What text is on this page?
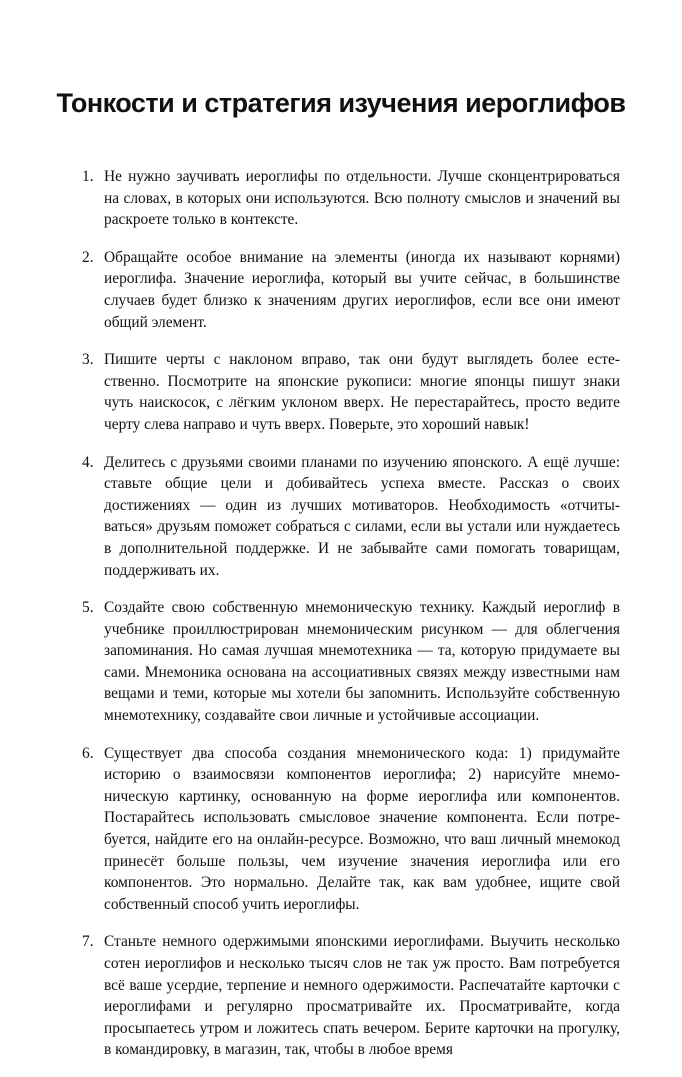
Тонкости и стратегия изучения иероглифов
1. Не нужно заучивать иероглифы по отдельности. Лучше сконцентрироваться на словах, в которых они используются. Всю полноту смыслов и значений вы раскроете только в контексте.
2. Обращайте особое внимание на элементы (иногда их называют корнями) иероглифа. Значение иероглифа, который вы учите сейчас, в большинстве случаев будет близко к значениям других иероглифов, если все они имеют общий элемент.
3. Пишите черты с наклоном вправо, так они будут выглядеть более естественно. Посмотрите на японские рукописи: многие японцы пишут знаки чуть наискосок, с лёгким уклоном вверх. Не перестарайтесь, просто ведите черту слева направо и чуть вверх. Поверьте, это хороший навык!
4. Делитесь с друзьями своими планами по изучению японского. А ещё лучше: ставьте общие цели и добивайтесь успеха вместе. Рассказ о своих достижениях — один из лучших мотиваторов. Необходимость «отчитываться» друзьям поможет собраться с силами, если вы устали или нуждаетесь в дополнительной поддержке. И не забывайте сами помогать товарищам, поддерживать их.
5. Создайте свою собственную мнемоническую технику. Каждый иероглиф в учебнике проиллюстрирован мнемоническим рисунком — для облегчения запоминания. Но самая лучшая мнемотехника — та, которую придумаете вы сами. Мнемоника основана на ассоциативных связях между известными нам вещами и теми, которые мы хотели бы запомнить. Используйте собственную мнемотехнику, создавайте свои личные и устойчивые ассоциации.
6. Существует два способа создания мнемонического кода: 1) придумайте историю о взаимосвязи компонентов иероглифа; 2) нарисуйте мнемоническую картинку, основанную на форме иероглифа или компонентов. Постарайтесь использовать смысловое значение компонента. Если потребуется, найдите его на онлайн-ресурсе. Возможно, что ваш личный мнемокод принесёт больше пользы, чем изучение значения иероглифа или его компонентов. Это нормально. Делайте так, как вам удобнее, ищите свой собственный способ учить иероглифы.
7. Станьте немного одержимыми японскими иероглифами. Выучить несколько сотен иероглифов и несколько тысяч слов не так уж просто. Вам потребуется всё ваше усердие, терпение и немного одержимости. Распечатайте карточки с иероглифами и регулярно просматривайте их. Просматривайте, когда просыпаетесь утром и ложитесь спать вечером. Берите карточки на прогулку, в командировку, в магазин, так, чтобы в любое время
